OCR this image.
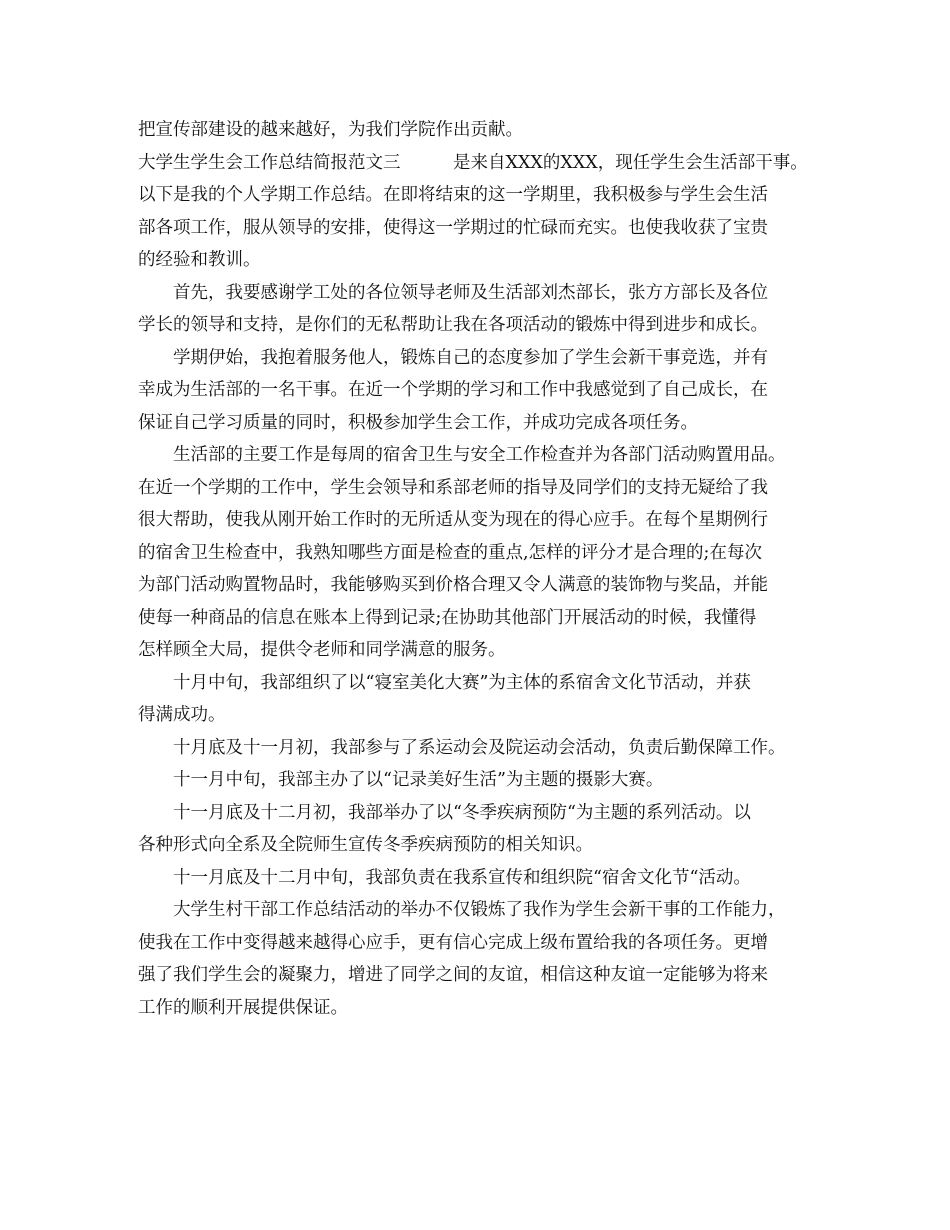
把宣传部建设的越来越好，为我们学院作出贡献。
大学生学生会工作总结简报范文三　　　是来自XXX的XXX，现任学生会生活部干事。
以下是我的个人学期工作总结。在即将结束的这一学期里，我积极参与学生会生活
部各项工作，服从领导的安排，使得这一学期过的忙碌而充实。也使我收获了宝贵
的经验和教训。
　　首先，我要感谢学工处的各位领导老师及生活部刘杰部长，张方方部长及各位
学长的领导和支持，是你们的无私帮助让我在各项活动的锻炼中得到进步和成长。
　　学期伊始，我抱着服务他人，锻炼自己的态度参加了学生会新干事竞选，并有
幸成为生活部的一名干事。在近一个学期的学习和工作中我感觉到了自己成长，在
保证自己学习质量的同时，积极参加学生会工作，并成功完成各项任务。
　　生活部的主要工作是每周的宿舍卫生与安全工作检查并为各部门活动购置用品。
在近一个学期的工作中，学生会领导和系部老师的指导及同学们的支持无疑给了我
很大帮助，使我从刚开始工作时的无所适从变为现在的得心应手。在每个星期例行
的宿舍卫生检查中，我熟知哪些方面是检查的重点,怎样的评分才是合理的;在每次
为部门活动购置物品时，我能够购买到价格合理又令人满意的装饰物与奖品，并能
使每一种商品的信息在账本上得到记录;在协助其他部门开展活动的时候，我懂得
怎样顾全大局，提供令老师和同学满意的服务。
　　十月中旬，我部组织了以“寝室美化大赛”为主体的系宿舍文化节活动，并获
得满成功。
　　十月底及十一月初，我部参与了系运动会及院运动会活动，负责后勤保障工作。
　　十一月中旬，我部主办了以“记录美好生活”为主题的摄影大赛。
　　十一月底及十二月初，我部举办了以“冬季疾病预防“为主题的系列活动。以
各种形式向全系及全院师生宣传冬季疾病预防的相关知识。
　　十一月底及十二月中旬，我部负责在我系宣传和组织院“宿舍文化节“活动。
　　大学生村干部工作总结活动的举办不仅锻炼了我作为学生会新干事的工作能力，
使我在工作中变得越来越得心应手，更有信心完成上级布置给我的各项任务。更增
强了我们学生会的凝聚力，增进了同学之间的友谊，相信这种友谊一定能够为将来
工作的顺利开展提供保证。
